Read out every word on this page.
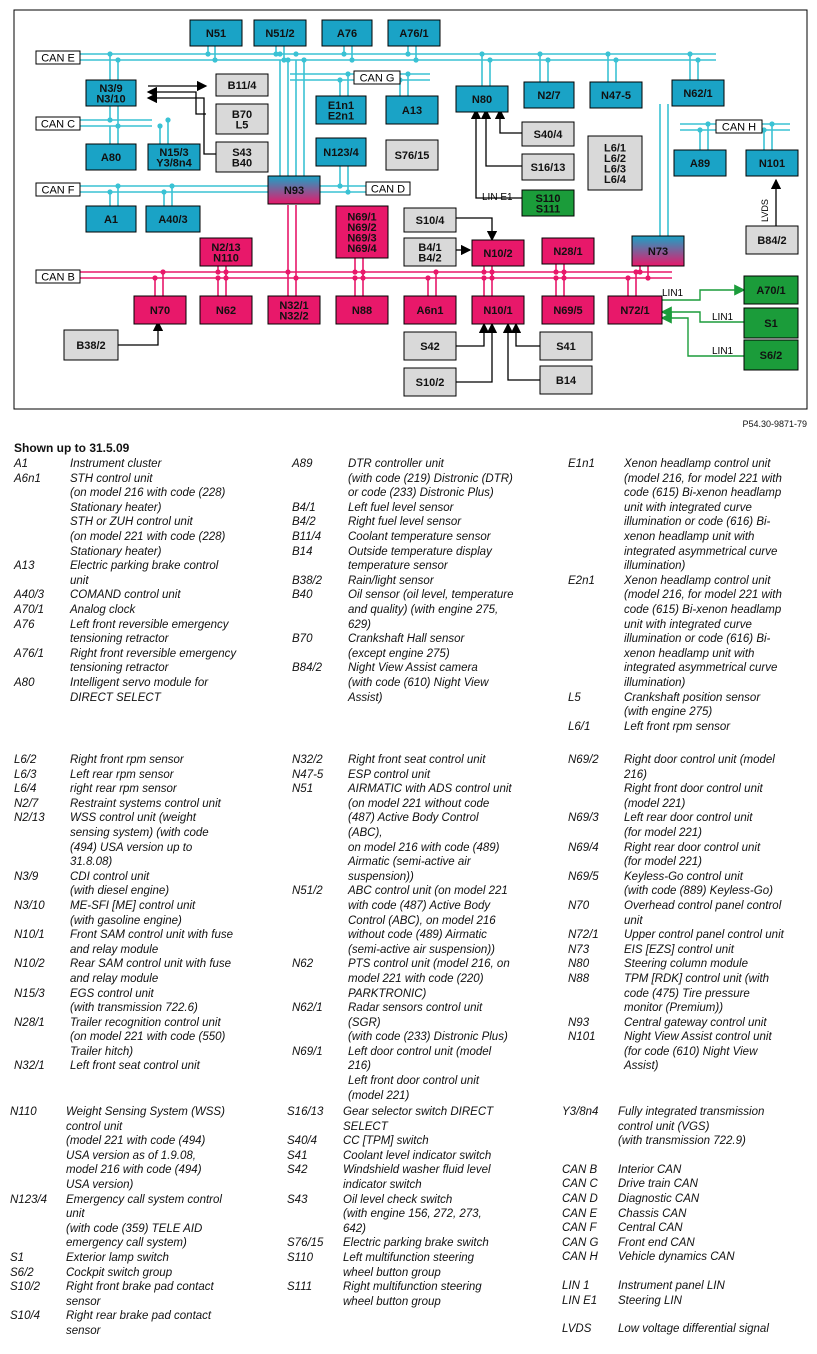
N51	N51/2	A76	A76/1
N3/9
N3/10
B11/4
B70
L5
S43
B40
A80	N15/3
Y3/8n4
E1n1
E2n1	A13
N123/4	S76/15
N80	N2/7	N47-5	N62/1
S40/4
S16/13
L6/1
L6/2
L6/3
L6/4
A89	N101
N93
A1	A40/3
S110
S111
N69/1
N69/2
N69/3
N69/4
S10/4
B4/1
B4/2	N10/2	N28/1	N73
B84/2
N2/13
N110
N70	N62	N32/1
N32/2	N88	A6n1	N10/1	N69/5	N72/1
A70/1
S1
S6/2
B38/2	S42	S41
S10/2	B14
CAN E
CAN C
CAN F
CAN G
CAN D
CAN H
CAN B
LIN1
LIN1
LIN1
LIN E1
LVDS
P54.30-9871-79
Shown up to 31.5.09
A1	Instrument cluster
A6n1	STH control unit
(on model 216 with code (228)
Stationary heater)
STH or ZUH control unit
(on model 221 with code (228)
Stationary heater)
A13	Electric parking brake control
unit
A40/3	COMAND control unit
A70/1	Analog clock
A76	Left front reversible emergency
tensioning retractor
A76/1	Right front reversible emergency
tensioning retractor
A80	Intelligent servo module for
DIRECT SELECT
A89	DTR controller unit
(with code (219) Distronic (DTR)
or code (233) Distronic Plus)
B4/1	Left fuel level sensor
B4/2	Right fuel level sensor
B11/4	Coolant temperature sensor
B14	Outside temperature display
temperature sensor
B38/2	Rain/light sensor
B40	Oil sensor (oil level, temperature
and quality) (with engine 275,
629)
B70	Crankshaft Hall sensor
(except engine 275)
B84/2	Night View Assist camera
(with code (610) Night View
Assist)
E1n1	Xenon headlamp control unit
(model 216, for model 221 with
code (615) Bi-xenon headlamp
unit with integrated curve
illumination or code (616) Bi-
xenon headlamp unit with
integrated asymmetrical curve
illumination)
E2n1	Xenon headlamp control unit
(model 216, for model 221 with
code (615) Bi-xenon headlamp
unit with integrated curve
illumination or code (616) Bi-
xenon headlamp unit with
integrated asymmetrical curve
illumination)
L5	Crankshaft position sensor
(with engine 275)
L6/1	Left front rpm sensor
L6/2	Right front rpm sensor
L6/3	Left rear rpm sensor
L6/4	right rear rpm sensor
N2/7	Restraint systems control unit
N2/13	WSS control unit (weight
sensing system) (with code
(494) USA version up to
31.8.08)
N3/9	CDI control unit
(with diesel engine)
N3/10	ME-SFI [ME] control unit
(with gasoline engine)
N10/1	Front SAM control unit with fuse
and relay module
N10/2	Rear SAM control unit with fuse
and relay module
N15/3	EGS control unit
(with transmission 722.6)
N28/1	Trailer recognition control unit
(on model 221 with code (550)
Trailer hitch)
N32/1	Left front seat control unit
N32/2	Right front seat control unit
N47-5	ESP control unit
N51	AIRMATIC with ADS control unit
(on model 221 without code
(487) Active Body Control
(ABC),
on model 216 with code (489)
Airmatic (semi-active air
suspension))
N51/2	ABC control unit (on model 221
with code (487) Active Body
Control (ABC), on model 216
without code (489) Airmatic
(semi-active air suspension))
N62	PTS control unit (model 216, on
model 221 with code (220)
PARKTRONIC)
N62/1	Radar sensors control unit
(SGR)
(with code (233) Distronic Plus)
N69/1	Left door control unit (model
216)
Left front door control unit
(model 221)
N69/2	Right door control unit (model
216)
Right front door control unit
(model 221)
N69/3	Left rear door control unit
(for model 221)
N69/4	Right rear door control unit
(for model 221)
N69/5	Keyless-Go control unit
(with code (889) Keyless-Go)
N70	Overhead control panel control
unit
N72/1	Upper control panel control unit
N73	EIS [EZS] control unit
N80	Steering column module
N88	TPM [RDK] control unit (with
code (475) Tire pressure
monitor (Premium))
N93	Central gateway control unit
N101	Night View Assist control unit
(for code (610) Night View
Assist)
N110	Weight Sensing System (WSS)
control unit
(model 221 with code (494)
USA version as of 1.9.08,
model 216 with code (494)
USA version)
N123/4	Emergency call system control
unit
(with code (359) TELE AID
emergency call system)
S1	Exterior lamp switch
S6/2	Cockpit switch group
S10/2	Right front brake pad contact
sensor
S10/4	Right rear brake pad contact
sensor
S16/13	Gear selector switch DIRECT
SELECT
S40/4	CC [TPM] switch
S41	Coolant level indicator switch
S42	Windshield washer fluid level
indicator switch
S43	Oil level check switch
(with engine 156, 272, 273,
642)
S76/15	Electric parking brake switch
S110	Left multifunction steering
wheel button group
S111	Right multifunction steering
wheel button group
Y3/8n4	Fully integrated transmission
control unit (VGS)
(with transmission 722.9)
CAN B	Interior CAN
CAN C	Drive train CAN
CAN D	Diagnostic CAN
CAN E	Chassis CAN
CAN F	Central CAN
CAN G	Front end CAN
CAN H	Vehicle dynamics CAN
LIN 1	Instrument panel LIN
LIN E1	Steering LIN
LVDS	Low voltage differential signal
